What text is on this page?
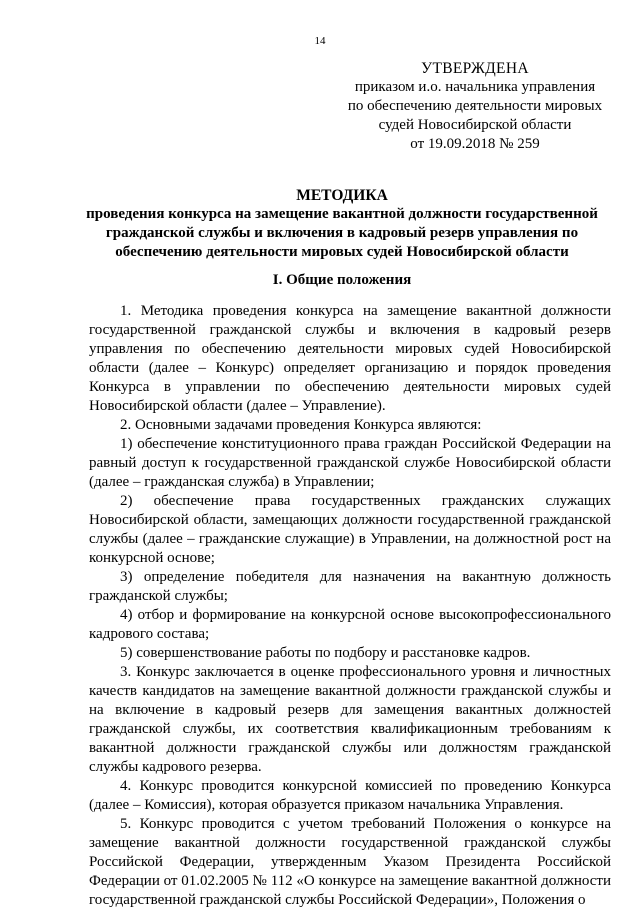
14
УТВЕРЖДЕНА
приказом и.о. начальника управления
по обеспечению деятельности мировых
судей Новосибирской области
от 19.09.2018 № 259
МЕТОДИКА
проведения конкурса на замещение вакантной должности государственной гражданской службы и включения в кадровый резерв управления по обеспечению деятельности мировых судей Новосибирской области
I. Общие положения

1. Методика проведения конкурса на замещение вакантной должности государственной гражданской службы и включения в кадровый резерв управления по обеспечению деятельности мировых судей Новосибирской области (далее – Конкурс) определяет организацию и порядок проведения Конкурса в управлении по обеспечению деятельности мировых судей Новосибирской области (далее – Управление).

2. Основными задачами проведения Конкурса являются:

1) обеспечение конституционного права граждан Российской Федерации на равный доступ к государственной гражданской службе Новосибирской области (далее – гражданская служба) в Управлении;

2) обеспечение права государственных гражданских служащих Новосибирской области, замещающих должности государственной гражданской службы (далее – гражданские служащие) в Управлении, на должностной рост на конкурсной основе;

3) определение победителя для назначения на вакантную должность гражданской службы;

4) отбор и формирование на конкурсной основе высокопрофессионального кадрового состава;

5) совершенствование работы по подбору и расстановке кадров.

3. Конкурс заключается в оценке профессионального уровня и личностных качеств кандидатов на замещение вакантной должности гражданской службы и на включение в кадровый резерв для замещения вакантных должностей гражданской службы, их соответствия квалификационным требованиям к вакантной должности гражданской службы или должностям гражданской службы кадрового резерва.

4. Конкурс проводится конкурсной комиссией по проведению Конкурса (далее – Комиссия), которая образуется приказом начальника Управления.

5. Конкурс проводится с учетом требований Положения о конкурсе на замещение вакантной должности государственной гражданской службы Российской Федерации, утвержденным Указом Президента Российской Федерации от 01.02.2005 № 112 «О конкурсе на замещение вакантной должности государственной гражданской службы Российской Федерации», Положения о
